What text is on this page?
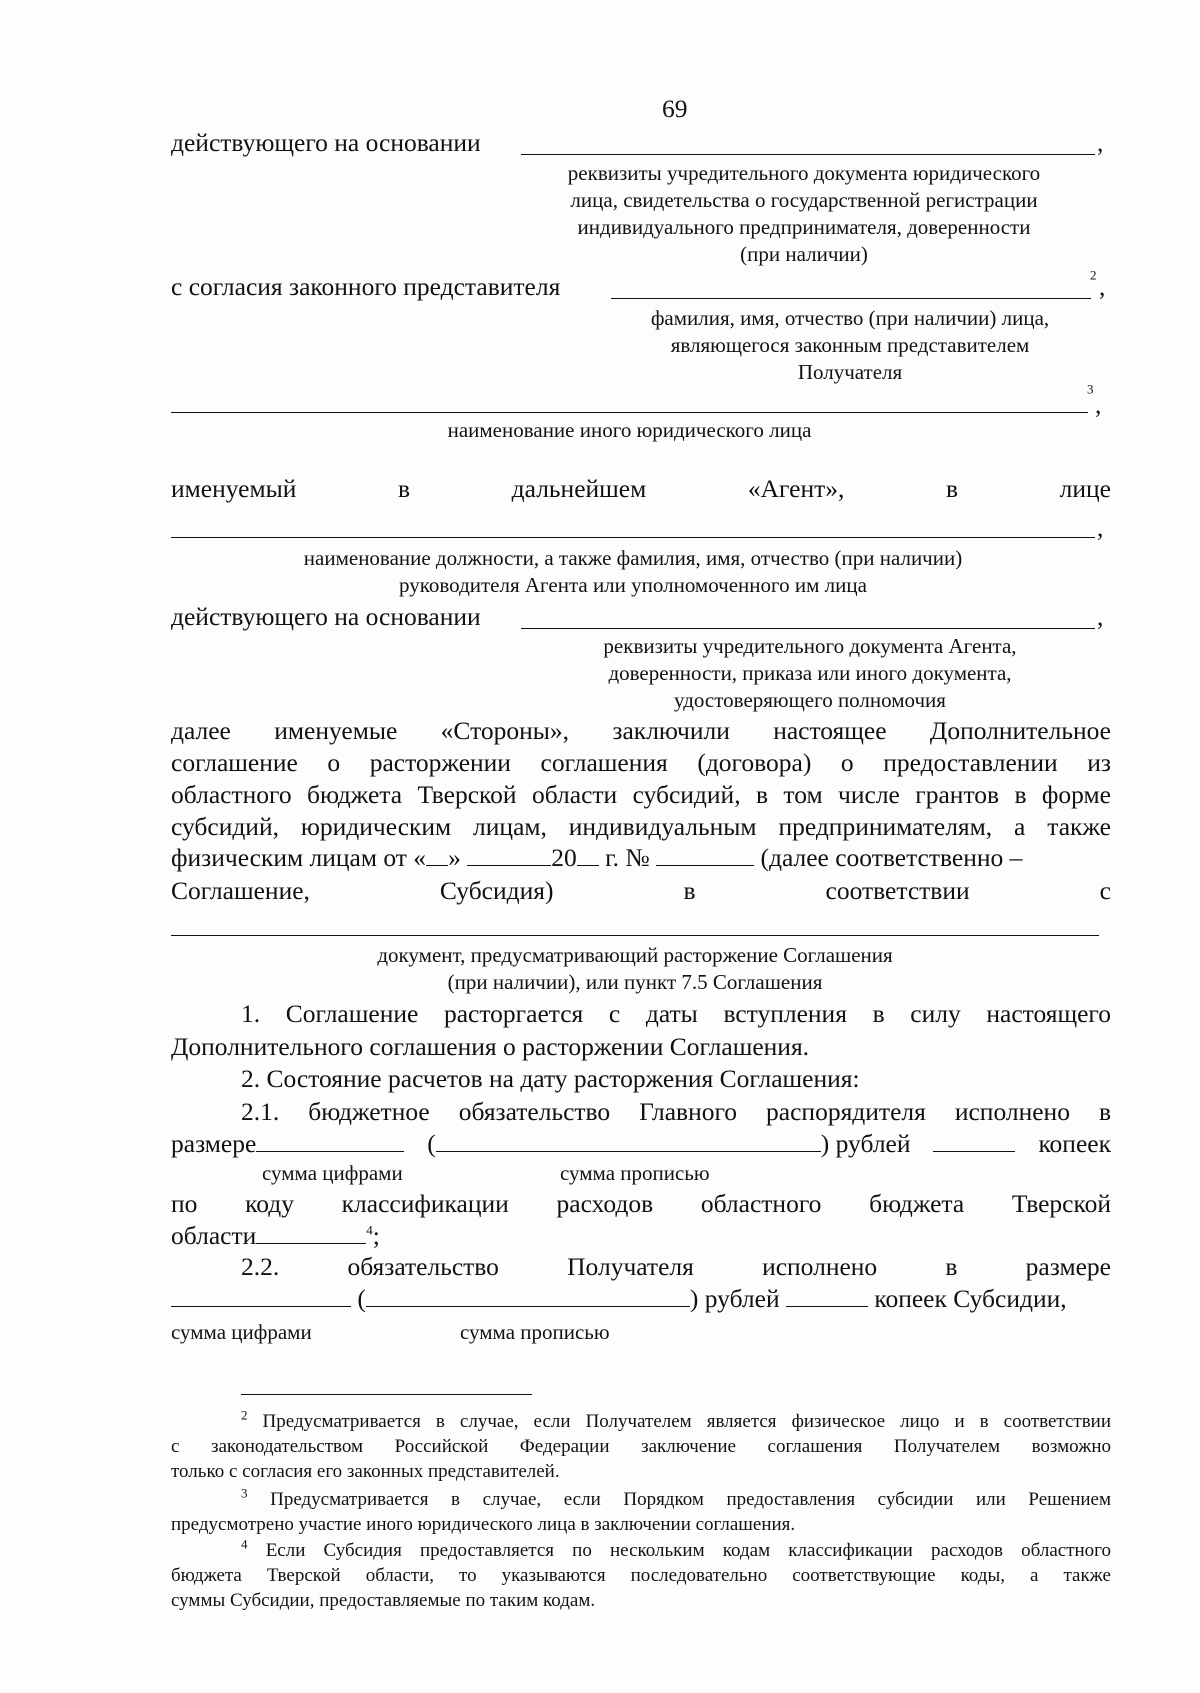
69
действующего на основании	,
реквизиты учредительного документа юридического
лица, свидетельства о государственной регистрации
индивидуального предпринимателя, доверенности
(при наличии)
с согласия законного представителя	$^2$ ,
фамилия, имя, отчество (при наличии) лица,
являющегося законным представителем
Получателя
$^3$
,
наименование иного юридического лица
именуемый	в	дальнейшем	«Агент»,	в	лице
,
наименование должности, а также фамилия, имя, отчество (при наличии)
руководителя Агента или уполномоченного им лица
действующего на основании	,
реквизиты учредительного документа Агента,
доверенности, приказа или иного документа,
удостоверяющего полномочия
далее именуемые «Стороны», заключили настоящее Дополнительное
соглашение о расторжении соглашения (договора) о предоставлении из
областного бюджета Тверской области субсидий, в том числе грантов в форме
субсидий, юридическим лицам, индивидуальным предпринимателям, а также
физическим лицам от « »	20 г. №	(далее соответственно –
Соглашение,	Субсидия)	в	соответствии	с
документ, предусматривающий расторжение Соглашения
(при наличии), или пункт 7.5 Соглашения
1. Соглашение расторгается с даты вступления в силу настоящего
Дополнительного соглашения о расторжении Соглашения.
2. Состояние расчетов на дату расторжения Соглашения:
2.1. бюджетное обязательство Главного распорядителя исполнено в
размере	(	) рублей	копеек
сумма цифрами	сумма прописью
по коду классификации расходов областного бюджета Тверской
области	$^4$;
2.2.	обязательство	Получателя	исполнено	в	размере
(	) рублей	копеек Субсидии,
сумма цифрами	сумма прописью
$^2$ Предусматривается в случае, если Получателем является физическое лицо и в соответствии
с законодательством Российской Федерации заключение соглашения Получателем возможно
только с согласия его законных представителей.
$^3$ Предусматривается в случае, если Порядком предоставления субсидии или Решением
предусмотрено участие иного юридического лица в заключении соглашения.
$^4$ Если Субсидия предоставляется по нескольким кодам классификации расходов областного
бюджета Тверской области, то указываются последовательно соответствующие коды, а также
суммы Субсидии, предоставляемые по таким кодам.
